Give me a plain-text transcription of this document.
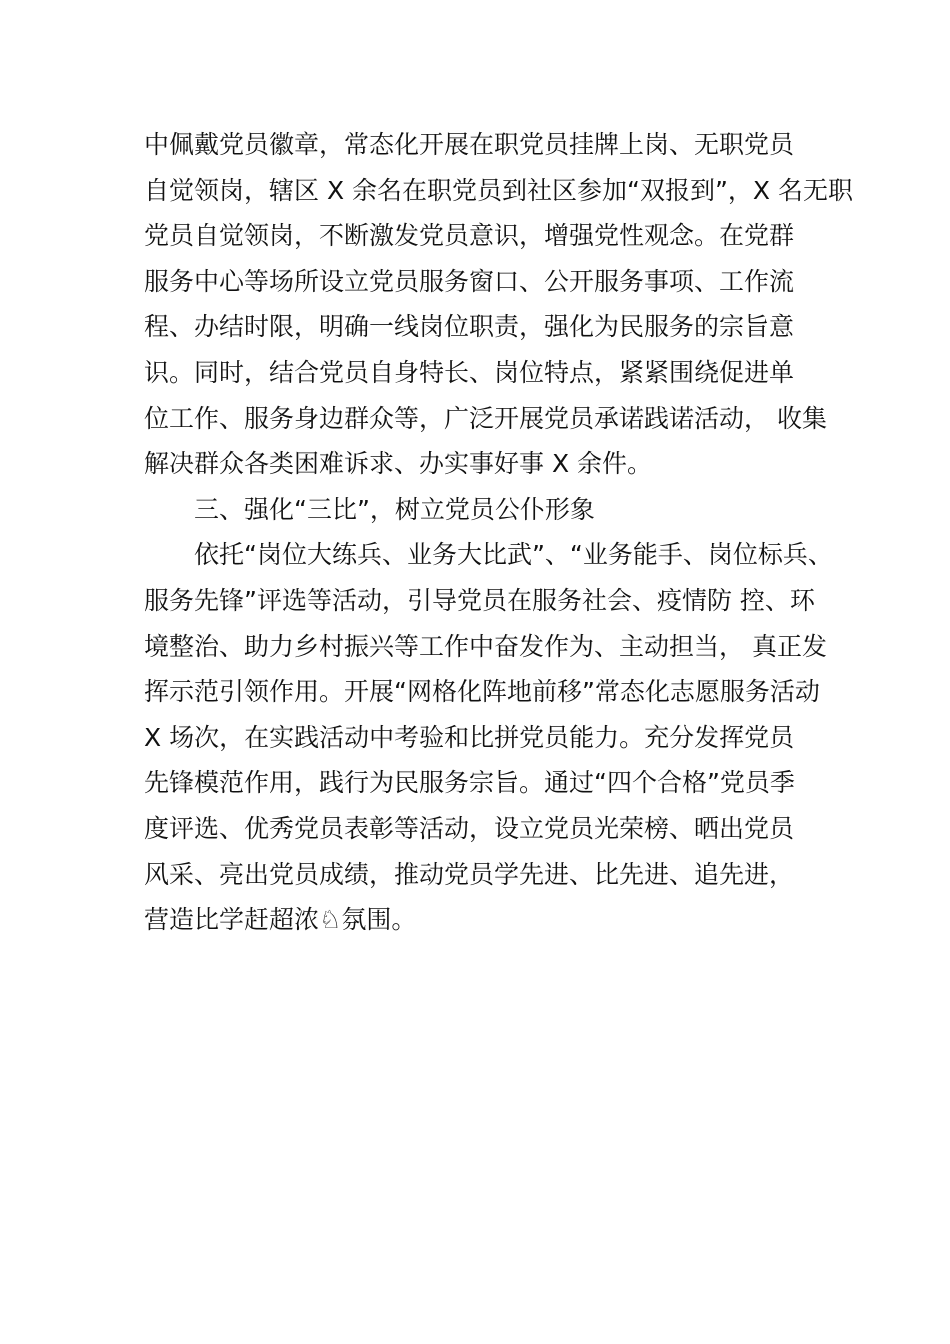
中佩戴党员徽章，常态化开展在职党员挂牌上岗、无职党员
自觉领岗，辖区 X 余名在职党员到社区参加“双报到”，X 名无职
党员自觉领岗，不断激发党员意识，增强党性观念。在党群
服务中心等场所设立党员服务窗口、公开服务事项、工作流
程、办结时限，明确一线岗位职责，强化为民服务的宗旨意
识。同时，结合党员自身特长、岗位特点，紧紧围绕促进单
位工作、服务身边群众等，广泛开展党员承诺践诺活动， 收集
解决群众各类困难诉求、办实事好事 X 余件。
三、强化“三比”，树立党员公仆形象
依托“岗位大练兵、业务大比武”、“业务能手、岗位标兵、
服务先锋”评选等活动，引导党员在服务社会、疫情防 控、环
境整治、助力乡村振兴等工作中奋发作为、主动担当， 真正发
挥示范引领作用。开展“网格化阵地前移”常态化志愿服务活动
X 场次，在实践活动中考验和比拼党员能力。充分发挥党员
先锋模范作用，践行为民服务宗旨。通过“四个合格”党员季
度评选、优秀党员表彰等活动，设立党员光荣榜、晒出党员
风采、亮出党员成绩，推动党员学先进、比先进、追先进，
营造比学赶超浓♘氛围。
